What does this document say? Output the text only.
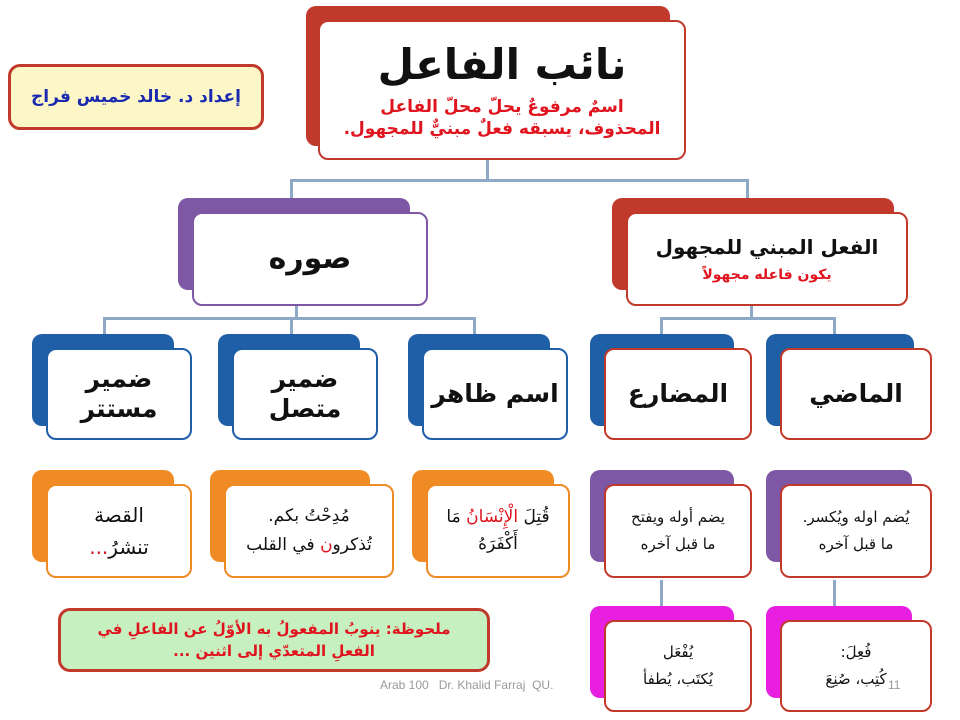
إعداد د. خالد خميس فراج
نائب الفاعل
اسمٌ مرفوعٌ يحلّ محلّ الفاعل
المحذوف، يسبقه فعلٌ مبنيٌّ للمجهول.
صوره	الفعل المبني للمجهول
يكون فاعله مجهولاً
ضمير
مستتر
ضمير
متصل
اسم ظاهر	المضارع	الماضي
القصة
تنشرُ...
مُدِحْتُ بكم.
تُذكرون في القلب
قُتِلَ الْإِنْسَانُ مَا
أَكْفَرَهُ
يضم أوله ويفتح
ما قبل آخره
يُضم اوله ويُكسر.
ما قبل آخره
يُفْعَل
يُكتَب، يُطفأ
فُعِلَ:
كُتِب، صُنِعَ
ملحوظة: ينوبُ المفعولُ به الأوّلُ عن الفاعلِ في
الفعلِ المتعدّي إلى اثنين ...
Arab 100   Dr. Khalid Farraj  QU.	11
